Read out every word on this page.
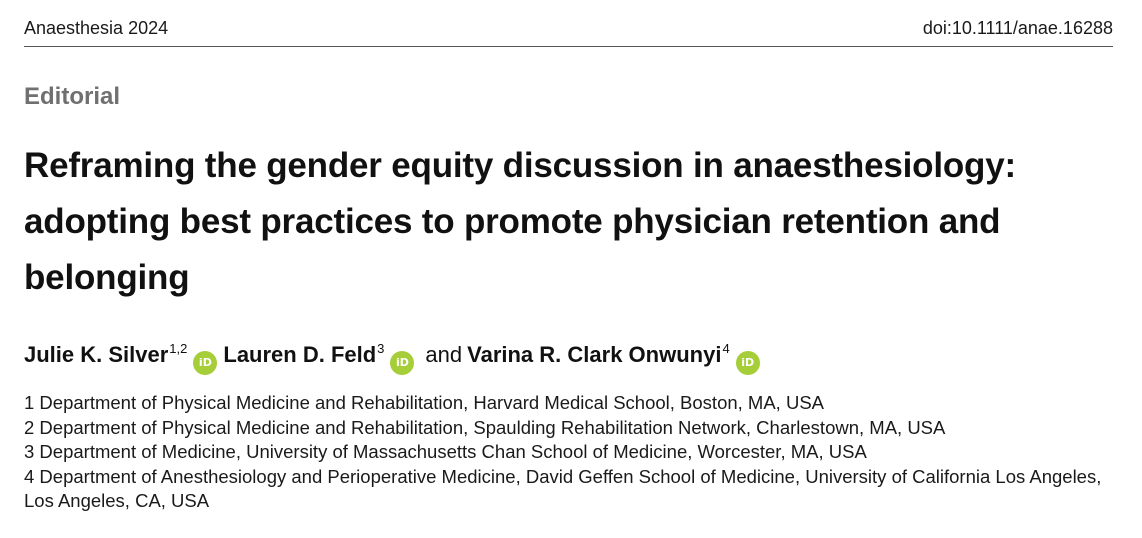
Anaesthesia 2024	doi:10.1111/anae.16288
Editorial
Reframing the gender equity discussion in anaesthesiology: adopting best practices to promote physician retention and belonging
Julie K. Silver$^{1,2}$iD Lauren D. Feld$^3$iD and Varina R. Clark Onwunyi$^4$iD

1 Department of Physical Medicine and Rehabilitation, Harvard Medical School, Boston, MA, USA

2 Department of Physical Medicine and Rehabilitation, Spaulding Rehabilitation Network, Charlestown, MA, USA

3 Department of Medicine, University of Massachusetts Chan School of Medicine, Worcester, MA, USA

4 Department of Anesthesiology and Perioperative Medicine, David Geffen School of Medicine, University of California Los Angeles, Los Angeles, CA, USA
